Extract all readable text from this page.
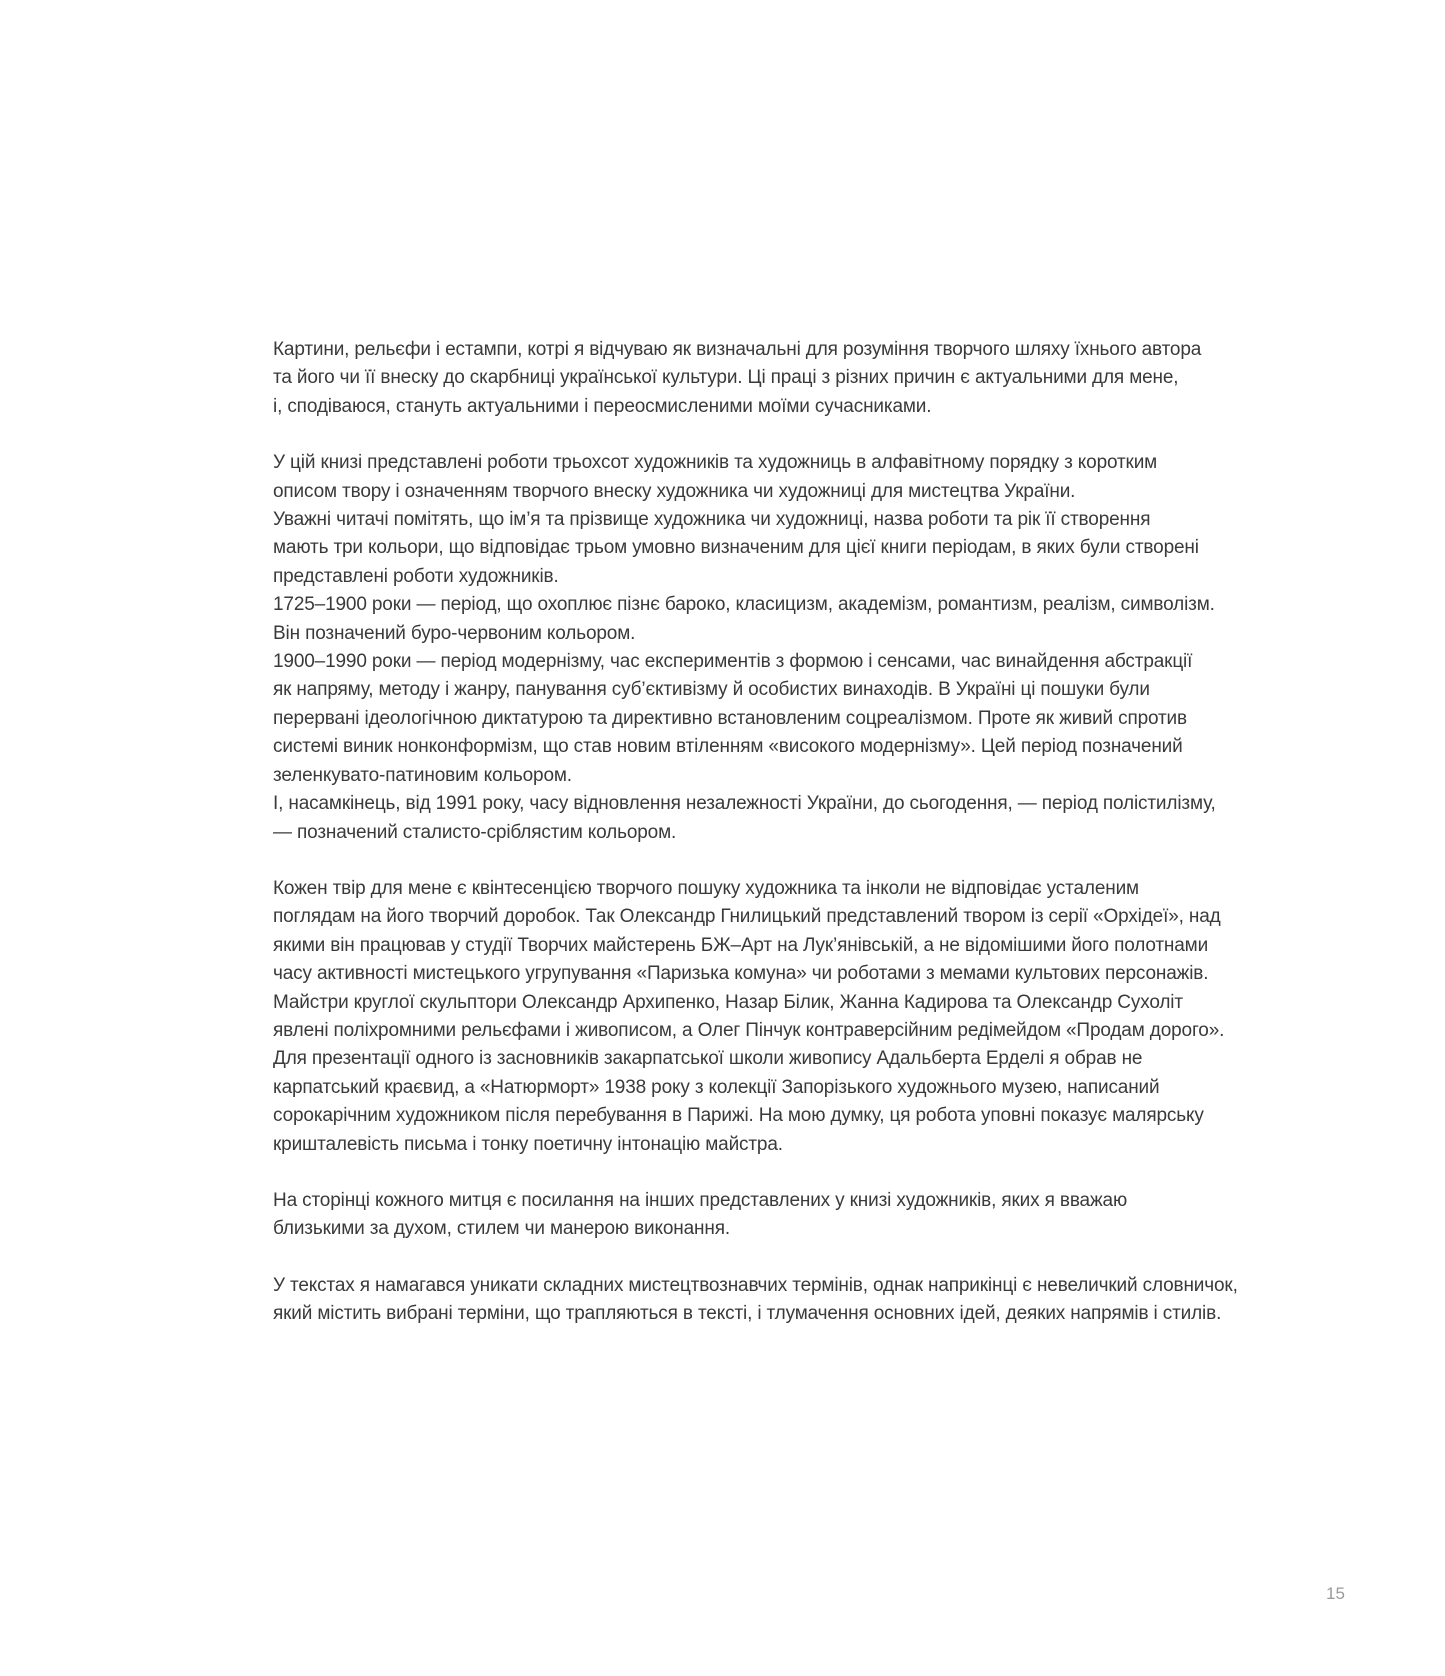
Картини, рельєфи і естампи, котрі я відчуваю як визначальні для розуміння творчого шляху їхнього автора
та його чи її внеску до скарбниці української культури. Ці праці з різних причин є актуальними для мене,
і, сподіваюся, стануть актуальними і переосмисленими моїми сучасниками.
У цій книзі представлені роботи трьохсот художників та художниць в алфавітному порядку з коротким
описом твору і означенням творчого внеску художника чи художниці для мистецтва України.
Уважні читачі помітять, що ім’я та прізвище художника чи художниці, назва роботи та рік її створення
мають три кольори, що відповідає трьом умовно визначеним для цієї книги періодам, в яких були створені
представлені роботи художників.
1725–1900 роки — період, що охоплює пізнє бароко, класицизм, академізм, романтизм, реалізм, символізм.
Він позначений буро-червоним кольором.
1900–1990 роки — період модернізму, час експериментів з формою і сенсами, час винайдення абстракції
як напряму, методу і жанру, панування суб’єктивізму й особистих винаходів. В Україні ці пошуки були
перервані ідеологічною диктатурою та директивно встановленим соцреалізмом. Проте як живий спротив
системі виник нонконформізм, що став новим втіленням «високого модернізму». Цей період позначений
зеленкувато-патиновим кольором.
І, насамкінець, від 1991 року, часу відновлення незалежності України, до сьогодення, — період полістилізму,
— позначений сталисто-сріблястим кольором.
Кожен твір для мене є квінтесенцією творчого пошуку художника та інколи не відповідає усталеним
поглядам на його творчий доробок. Так Олександр Гнилицький представлений твором із серії «Орхідеї», над
якими він працював у студії Творчих майстерень БЖ–Арт на Лук’янівській, а не відомішими його полотнами
часу активності мистецького угрупування «Паризька комуна» чи роботами з мемами культових персонажів.
Майстри круглої скульптори Олександр Архипенко, Назар Білик, Жанна Кадирова та Олександр Сухоліт
явлені поліхромними рельєфами і живописом, а Олег Пінчук контраверсійним редімейдом «Продам дорого».
Для презентації одного із засновників закарпатської школи живопису Адальберта Ерделі я обрав не
карпатський краєвид, а «Натюрморт» 1938 року з колекції Запорізького художнього музею, написаний
сорокарічним художником після перебування в Парижі. На мою думку, ця робота уповні показує малярську
кришталевість письма і тонку поетичну інтонацію майстра.
На сторінці кожного митця є посилання на інших представлених у книзі художників, яких я вважаю
близькими за духом, стилем чи манерою виконання.
У текстах я намагався уникати складних мистецтвознавчих термінів, однак наприкінці є невеличкий словничок,
який містить вибрані терміни, що трапляються в тексті, і тлумачення основних ідей, деяких напрямів і стилів.
15
